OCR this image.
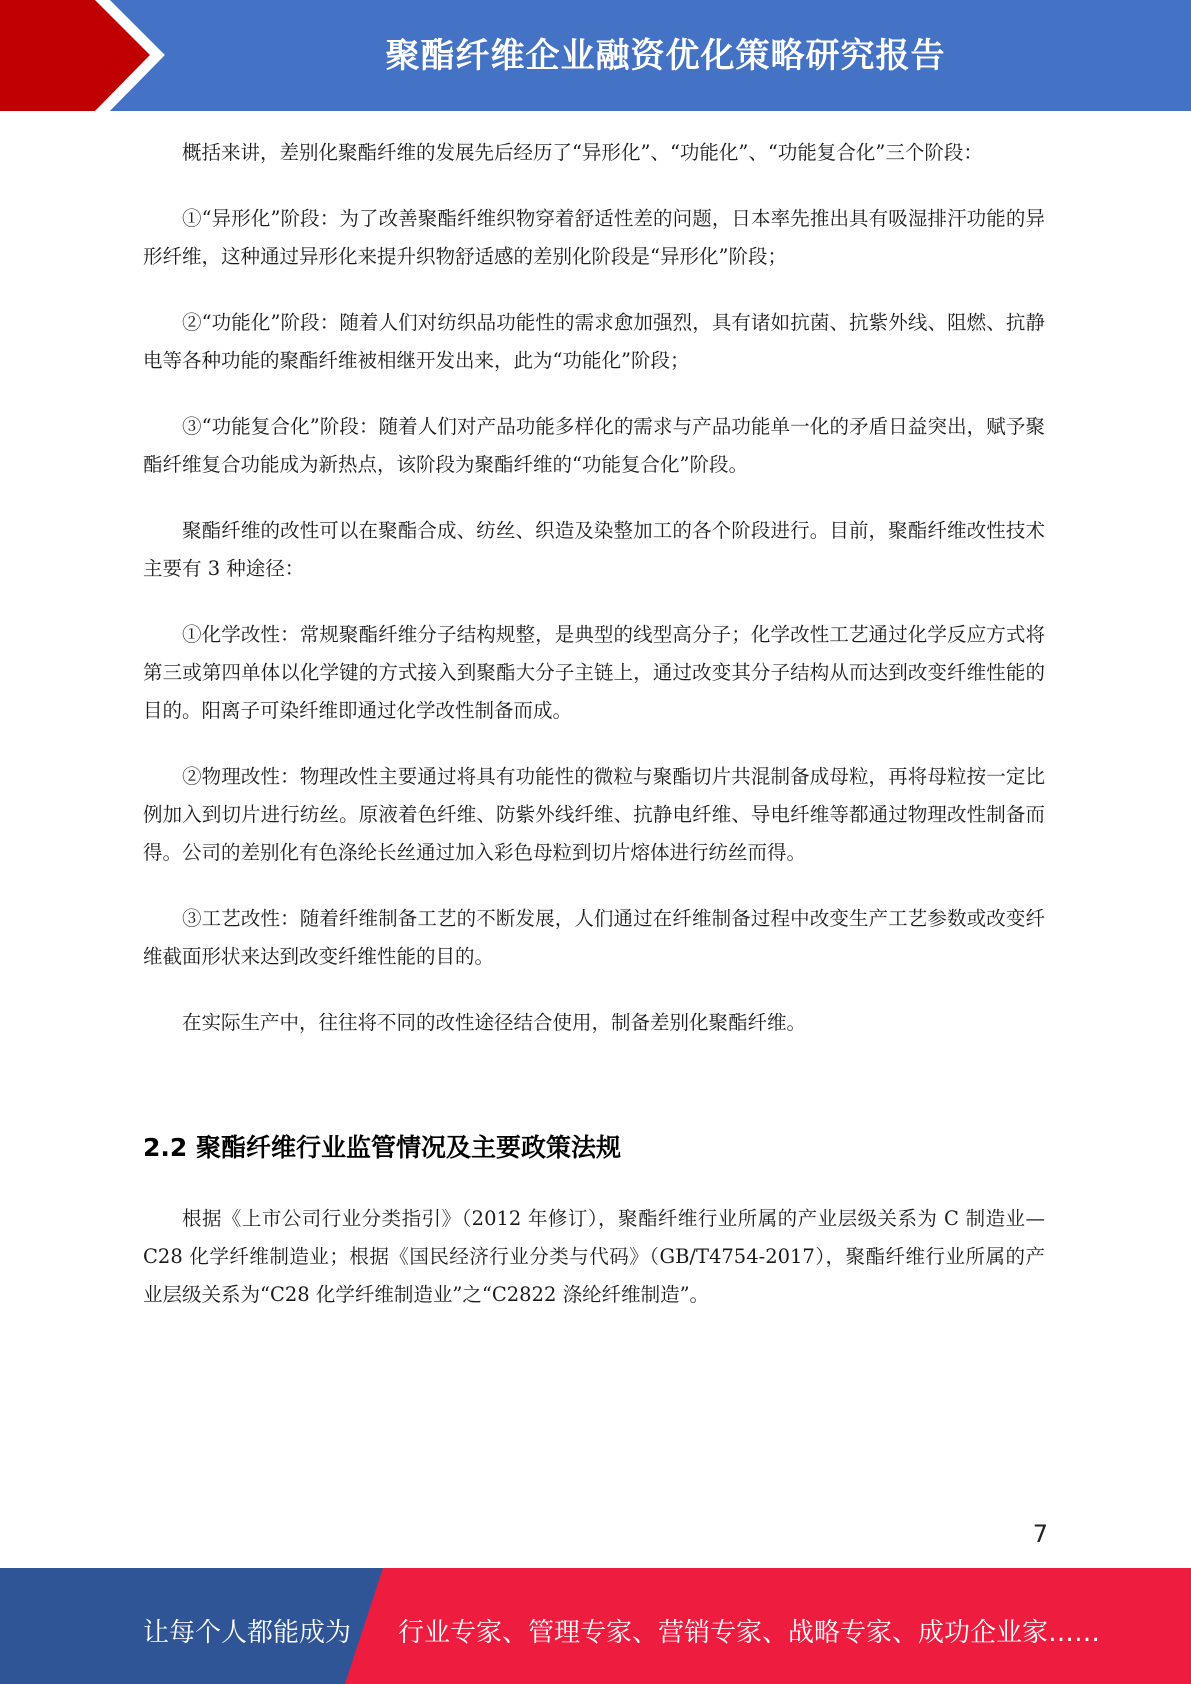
聚酯纤维企业融资优化策略研究报告

概括来讲，差别化聚酯纤维的发展先后经历了“异形化”、“功能化”、“功能复合化”三个阶段：

①“异形化”阶段：为了改善聚酯纤维织物穿着舒适性差的问题，日本率先推出具有吸湿排汗功能的异形纤维，这种通过异形化来提升织物舒适感的差别化阶段是“异形化”阶段；

②“功能化”阶段：随着人们对纺织品功能性的需求愈加强烈，具有诸如抗菌、抗紫外线、阻燃、抗静电等各种功能的聚酯纤维被相继开发出来，此为“功能化”阶段；

③“功能复合化”阶段：随着人们对产品功能多样化的需求与产品功能单一化的矛盾日益突出，赋予聚酯纤维复合功能成为新热点，该阶段为聚酯纤维的“功能复合化”阶段。

聚酯纤维的改性可以在聚酯合成、纺丝、织造及染整加工的各个阶段进行。目前，聚酯纤维改性技术主要有 3 种途径：

①化学改性：常规聚酯纤维分子结构规整，是典型的线型高分子；化学改性工艺通过化学反应方式将第三或第四单体以化学键的方式接入到聚酯大分子主链上，通过改变其分子结构从而达到改变纤维性能的目的。阳离子可染纤维即通过化学改性制备而成。

②物理改性：物理改性主要通过将具有功能性的微粒与聚酯切片共混制备成母粒，再将母粒按一定比例加入到切片进行纺丝。原液着色纤维、防紫外线纤维、抗静电纤维、导电纤维等都通过物理改性制备而得。公司的差别化有色涤纶长丝通过加入彩色母粒到切片熔体进行纺丝而得。

③工艺改性：随着纤维制备工艺的不断发展，人们通过在纤维制备过程中改变生产工艺参数或改变纤维截面形状来达到改变纤维性能的目的。

在实际生产中，往往将不同的改性途径结合使用，制备差别化聚酯纤维。

2.2 聚酯纤维行业监管情况及主要政策法规

根据《上市公司行业分类指引》（2012 年修订），聚酯纤维行业所属的产业层级关系为 C 制造业—C28 化学纤维制造业；根据《国民经济行业分类与代码》（GB/T4754-2017），聚酯纤维行业所属的产业层级关系为“C28 化学纤维制造业”之“C2822 涤纶纤维制造”。

7
让每个人都能成为 行业专家、管理专家、营销专家、战略专家、成功企业家……
